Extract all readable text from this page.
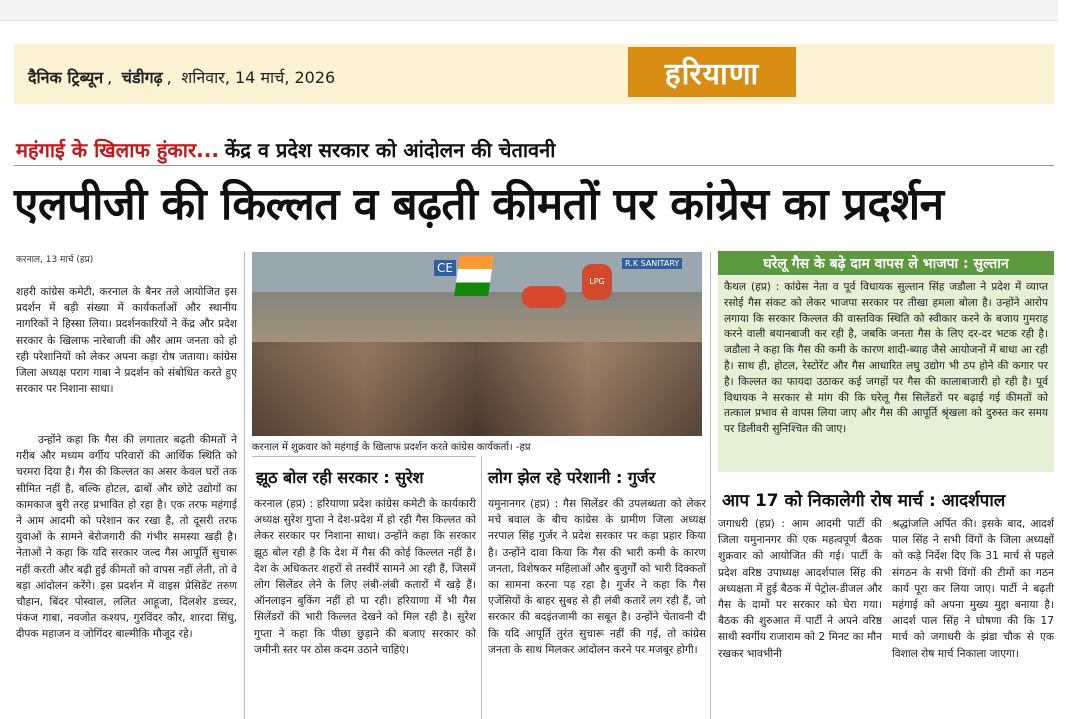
दैनिक ट्रिब्यून , चंडीगढ़ , शनिवार, 14 मार्च, 2026	हरियाणा
महंगाई के खिलाफ हुंकार... केंद्र व प्रदेश सरकार को आंदोलन की चेतावनी
एलपीजी की किल्लत व बढ़ती कीमतों पर कांग्रेस का प्रदर्शन
करनाल, 13 मार्च (हप्र)
शहरी कांग्रेस कमेटी, करनाल के बैनर तले आयोजित इस प्रदर्शन में बड़ी संख्या में कार्यकर्ताओं और स्थानीय नागरिकों ने हिस्सा लिया। प्रदर्शनकारियों ने केंद्र और प्रदेश सरकार के खिलाफ नारेबाजी की और आम जनता को हो रही परेशानियों को लेकर अपना कड़ा रोष जताया। कांग्रेस जिला अध्यक्ष पराग गाबा ने प्रदर्शन को संबोधित करते हुए सरकार पर निशाना साधा।
उन्होंने कहा कि गैस की लगातार बढ़ती कीमतों ने गरीब और मध्यम वर्गीय परिवारों की आर्थिक स्थिति को चरमरा दिया है। गैस की किल्लत का असर केवल घरों तक सीमित नहीं है, बल्कि होटल, ढाबों और छोटे उद्योगों का कामकाज बुरी तरह प्रभावित हो रहा है। एक तरफ महंगाई ने आम आदमी को परेशान कर रखा है, तो दूसरी तरफ युवाओं के सामने बेरोजगारी की गंभीर समस्या खड़ी है। नेताओं ने कहा कि यदि सरकार जल्द गैस आपूर्ति सुचारू नहीं करती और बढ़ी हुई कीमतों को वापस नहीं लेती, तो वे बड़ा आंदोलन करेंगे। इस प्रदर्शन में वाइस प्रेसिडेंट तरुण चौहान, बिंदर पोस्वाल, ललित आहूजा, दिलशेर डच्चर, पंकज गाबा, नवजोत कश्यप, गुरविंदर कौर, शारदा सिंधु, दीपक महाजन व जोगिंदर बाल्मीकि मौजूद रहे।
R.K SANITARY
CE
LPG
करनाल में शुक्रवार को महंगाई के खिलाफ प्रदर्शन करते कांग्रेस कार्यकर्ता। -हप्र
झूठ बोल रही सरकार : सुरेश
करनाल (हप्र) : हरियाणा प्रदेश कांग्रेस कमेटी के कार्यकारी अध्यक्ष सुरेश गुप्ता ने देश-प्रदेश में हो रही गैस किल्लत को लेकर सरकार पर निशाना साधा। उन्होंने कहा कि सरकार झूठ बोल रही है कि देश में गैस की कोई किल्लत नहीं है। देश के अधिकतर शहरों से तस्वीरें सामने आ रही हैं, जिसमें लोग सिलेंडर लेने के लिए लंबी-लंबी कतारों में खड़े हैं। ऑनलाइन बुकिंग नहीं हो पा रही। हरियाणा में भी गैस सिलेंडरों की भारी किल्लत देखने को मिल रही है। सुरेश गुप्ता ने कहा कि पीछा छुड़ाने की बजाए सरकार को जमीनी स्तर पर ठोस कदम उठाने चाहिएं।
लोग झेल रहे परेशानी : गुर्जर
यमुनानगर (हप्र) : गैस सिलेंडर की उपलब्धता को लेकर मचे बवाल के बीच कांग्रेस के ग्रामीण जिला अध्यक्ष नरपाल सिंह गुर्जर ने प्रदेश सरकार पर कड़ा प्रहार किया है। उन्होंने दावा किया कि गैस की भारी कमी के कारण जनता, विशेषकर महिलाओं और बुजुर्गों को भारी दिक्कतों का सामना करना पड़ रहा है। गुर्जर ने कहा कि गैस एजेंसियों के बाहर सुबह से ही लंबी कतारें लग रही हैं, जो सरकार की बदइंतजामी का सबूत है। उन्होंने चेतावनी दी कि यदि आपूर्ति तुरंत सुचारू नहीं की गई, तो कांग्रेस जनता के साथ मिलकर आंदोलन करने पर मजबूर होगी।
घरेलू गैस के बढ़े दाम वापस ले भाजपा : सुल्तान
कैथल (हप्र) : कांग्रेस नेता व पूर्व विधायक सुल्तान सिंह जडौला ने प्रदेश में व्याप्त रसोई गैस संकट को लेकर भाजपा सरकार पर तीखा हमला बोला है। उन्होंने आरोप लगाया कि सरकार किल्लत की वास्तविक स्थिति को स्वीकार करने के बजाय गुमराह करने वाली बयानबाजी कर रही है, जबकि जनता गैस के लिए दर-दर भटक रही है। जडौला ने कहा कि गैस की कमी के कारण शादी-ब्याह जैसे आयोजनों में बाधा आ रही है। साथ ही, होटल, रेस्टोरेंट और गैस आधारित लघु उद्योग भी ठप होने की कगार पर है। किल्लत का फायदा उठाकर कई जगहों पर गैस की कालाबाजारी हो रही है। पूर्व विधायक ने सरकार से मांग की कि घरेलू गैस सिलेंडरों पर बढ़ाई गई कीमतों को तत्काल प्रभाव से वापस लिया जाए और गैस की आपूर्ति श्रृंखला को दुरुस्त कर समय पर डिलीवरी सुनिश्चित की जाए।
आप 17 को निकालेगी रोष मार्च : आदर्शपाल
जगाधरी (हप्र) : आम आदमी पार्टी की जिला यमुनानगर की एक महत्वपूर्ण बैठक शुक्रवार को आयोजित की गई। पार्टी के प्रदेश वरिष्ठ उपाध्यक्ष आदर्शपाल सिंह की अध्यक्षता में हुई बैठक में पेट्रोल-डीजल और गैस के दामों पर सरकार को घेरा गया। बैठक की शुरुआत में पार्टी ने अपने वरिष्ठ साथी स्वर्गीय राजाराम को 2 मिनट का मौन रखकर भावभीनी
श्रद्धांजलि अर्पित की। इसके बाद, आदर्श पाल सिंह ने सभी विंगों के जिला अध्यक्षों को कड़े निर्देश दिए कि 31 मार्च से पहले संगठन के सभी विंगों की टीमों का गठन कार्य पूरा कर लिया जाए। पार्टी ने बढ़ती महंगाई को अपना मुख्य मुद्दा बनाया है। आदर्श पाल सिंह ने घोषणा की कि 17 मार्च को जगाधरी के झंडा चौक से एक विशाल रोष मार्च निकाला जाएगा।
